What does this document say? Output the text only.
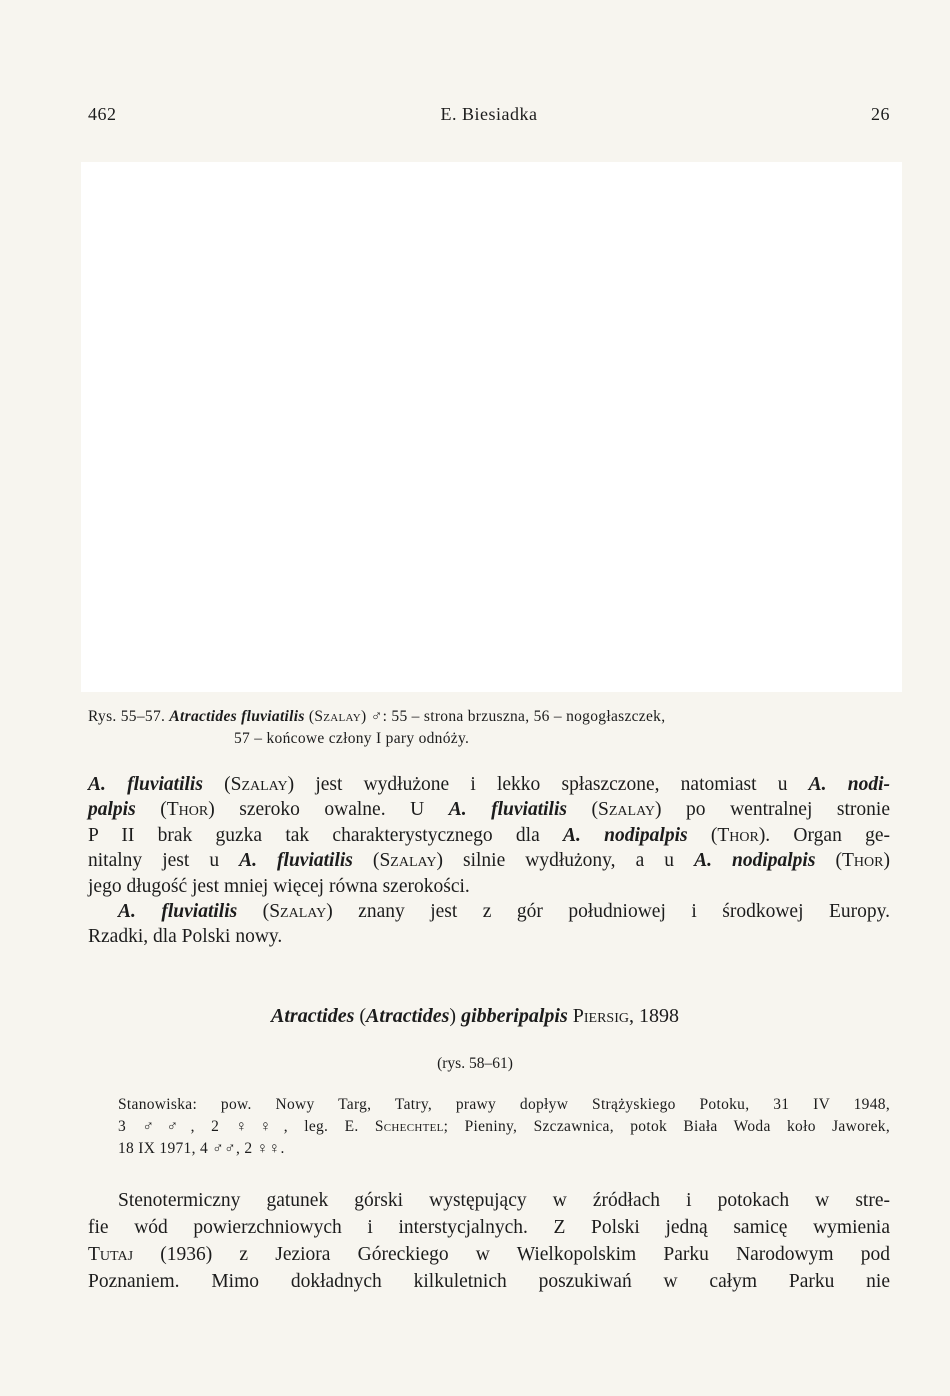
462	E. Biesiadka	26
Rys. 55–57. Atractides fluviatilis (Szalay) ♂: 55 – strona brzuszna, 56 – nogogłaszczek,
57 – końcowe człony I pary odnóży.
A. fluviatilis (Szalay) jest wydłużone i lekko spłaszczone, natomiast u A. nodi-
palpis (Thor) szeroko owalne. U A. fluviatilis (Szalay) po wentralnej stronie
P II brak guzka tak charakterystycznego dla A. nodipalpis (Thor). Organ ge-
nitalny jest u A. fluviatilis (Szalay) silnie wydłużony, a u A. nodipalpis (Thor)
jego długość jest mniej więcej równa szerokości.
A. fluviatilis (Szalay) znany jest z gór południowej i środkowej Europy.
Rzadki, dla Polski nowy.
Atractides (Atractides) gibberipalpis Piersig, 1898
(rys. 58–61)
Stanowiska: pow. Nowy Targ, Tatry, prawy dopływ Strążyskiego Potoku, 31 IV 1948,
3 ♂♂, 2 ♀♀, leg. E. Schechtel; Pieniny, Szczawnica, potok Biała Woda koło Jaworek,
18 IX 1971, 4 ♂♂, 2 ♀♀.
Stenotermiczny gatunek górski występujący w źródłach i potokach w stre-
fie wód powierzchniowych i interstycjalnych. Z Polski jedną samicę wymienia
Tutaj (1936) z Jeziora Góreckiego w Wielkopolskim Parku Narodowym pod
Poznaniem. Mimo dokładnych kilkuletnich poszukiwań w całym Parku nie
